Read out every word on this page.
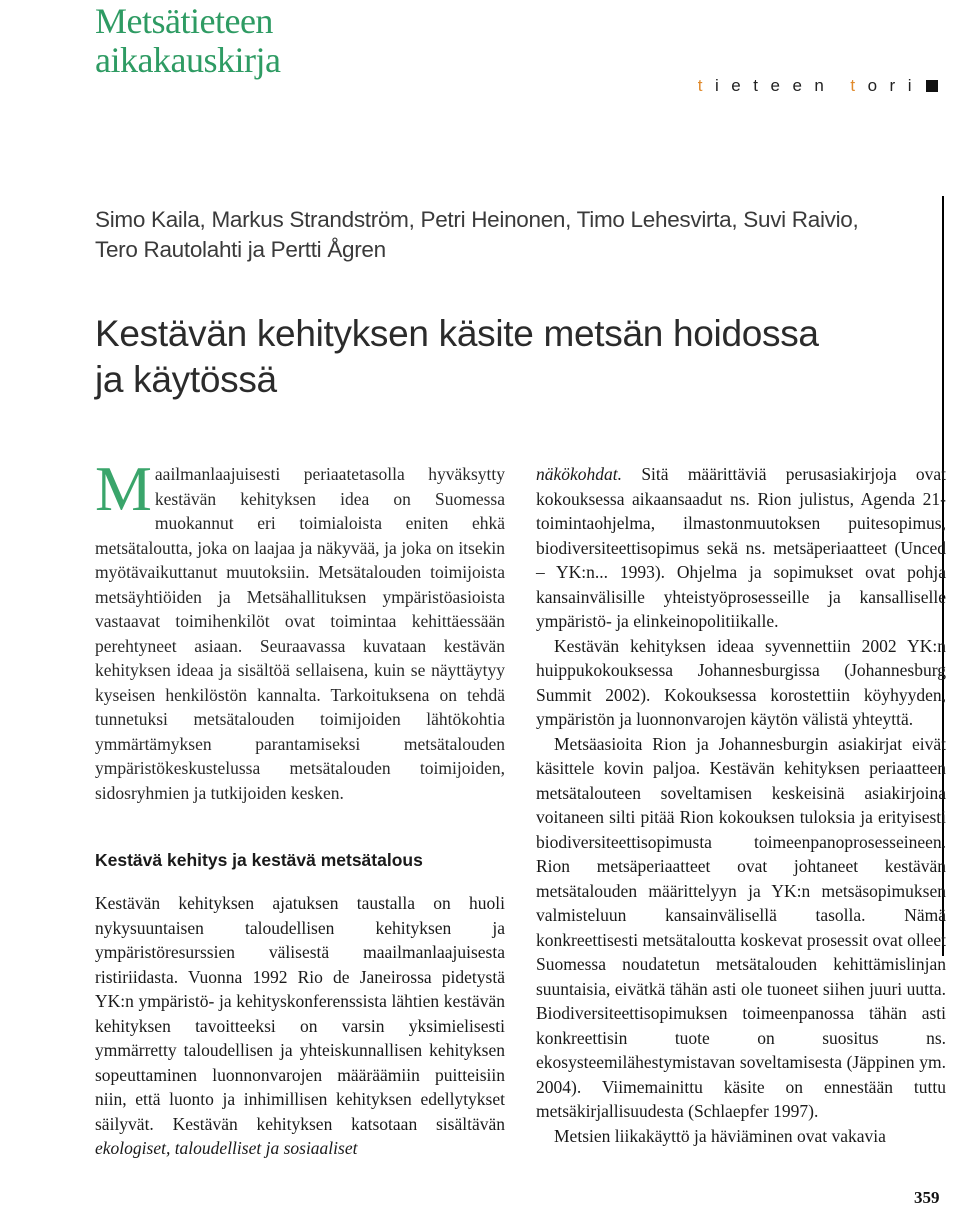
Metsätieteen
aikakauskirja
tieteen tori
Simo Kaila, Markus Strandström, Petri Heinonen, Timo Lehesvirta, Suvi Raivio,
Tero Rautolahti ja Pertti Ågren
Kestävän kehityksen käsite metsän hoidossa
ja käytössä

Maailmanlaajuisesti periaatetasolla hyväksytty kestävän kehityksen idea on Suomessa muokannut eri toimialoista eniten ehkä metsätaloutta, joka on laajaa ja näkyvää, ja joka on itsekin myötävaikuttanut muutoksiin. Metsätalouden toimijoista metsäyhtiöiden ja Metsähallituksen ympäristöasioista vastaavat toimihenkilöt ovat toimintaa kehittäessään perehtyneet asiaan. Seuraavassa kuvataan kestävän kehityksen ideaa ja sisältöä sellaisena, kuin se näyttäytyy kyseisen henkilöstön kannalta. Tarkoituksena on tehdä tunnetuksi metsätalouden toimijoiden lähtökohtia ymmärtämyksen parantamiseksi metsätalouden ympäristökeskustelussa metsätalouden toimijoiden, sidosryhmien ja tutkijoiden kesken.

Kestävä kehitys ja kestävä metsätalous

Kestävän kehityksen ajatuksen taustalla on huoli nykysuuntaisen taloudellisen kehityksen ja ympäristöresurssien välisestä maailmanlaajuisesta ristiriidasta. Vuonna 1992 Rio de Janeirossa pidetystä YK:n ympäristö- ja kehityskonferenssista lähtien kestävän kehityksen tavoitteeksi on varsin yksimielisesti ymmärretty taloudellisen ja yhteiskunnallisen kehityksen sopeuttaminen luonnonvarojen määräämiin puitteisiin niin, että luonto ja inhimillisen kehityksen edellytykset säilyvät. Kestävän kehityksen katsotaan sisältävän ekologiset, taloudelliset ja sosiaaliset

näkökohdat. Sitä määrittäviä perusasiakirjoja ovat kokouksessa aikaansaadut ns. Rion julistus, Agenda 21-toimintaohjelma, ilmastonmuutoksen puitesopimus, biodiversiteettisopimus sekä ns. metsäperiaatteet (Unced – YK:n... 1993). Ohjelma ja sopimukset ovat pohja kansainvälisille yhteistyöprosesseille ja kansalliselle ympäristö- ja elinkeinopolitiikalle.

Kestävän kehityksen ideaa syvennettiin 2002 YK:n huippukokouksessa Johannesburgissa (Johannesburg Summit 2002). Kokouksessa korostettiin köyhyyden, ympäristön ja luonnonvarojen käytön välistä yhteyttä.

Metsäasioita Rion ja Johannesburgin asiakirjat eivät käsittele kovin paljoa. Kestävän kehityksen periaatteen metsätalouteen soveltamisen keskeisinä asiakirjoina voitaneen silti pitää Rion kokouksen tuloksia ja erityisesti biodiversiteettisopimusta toimeenpanoprosesseineen. Rion metsäperiaatteet ovat johtaneet kestävän metsätalouden määrittelyyn ja YK:n metsäsopimuksen valmisteluun kansainvälisellä tasolla. Nämä konkreettisesti metsätaloutta koskevat prosessit ovat olleet Suomessa noudatetun metsätalouden kehittämislinjan suuntaisia, eivätkä tähän asti ole tuoneet siihen juuri uutta. Biodiversiteettisopimuksen toimeenpanossa tähän asti konkreettisin tuote on suositus ns. ekosysteemilähestymistavan soveltamisesta (Jäppinen ym. 2004). Viimemainittu käsite on ennestään tuttu metsäkirjallisuudesta (Schlaepfer 1997).

Metsien liikakäyttö ja häviäminen ovat vakavia

359
